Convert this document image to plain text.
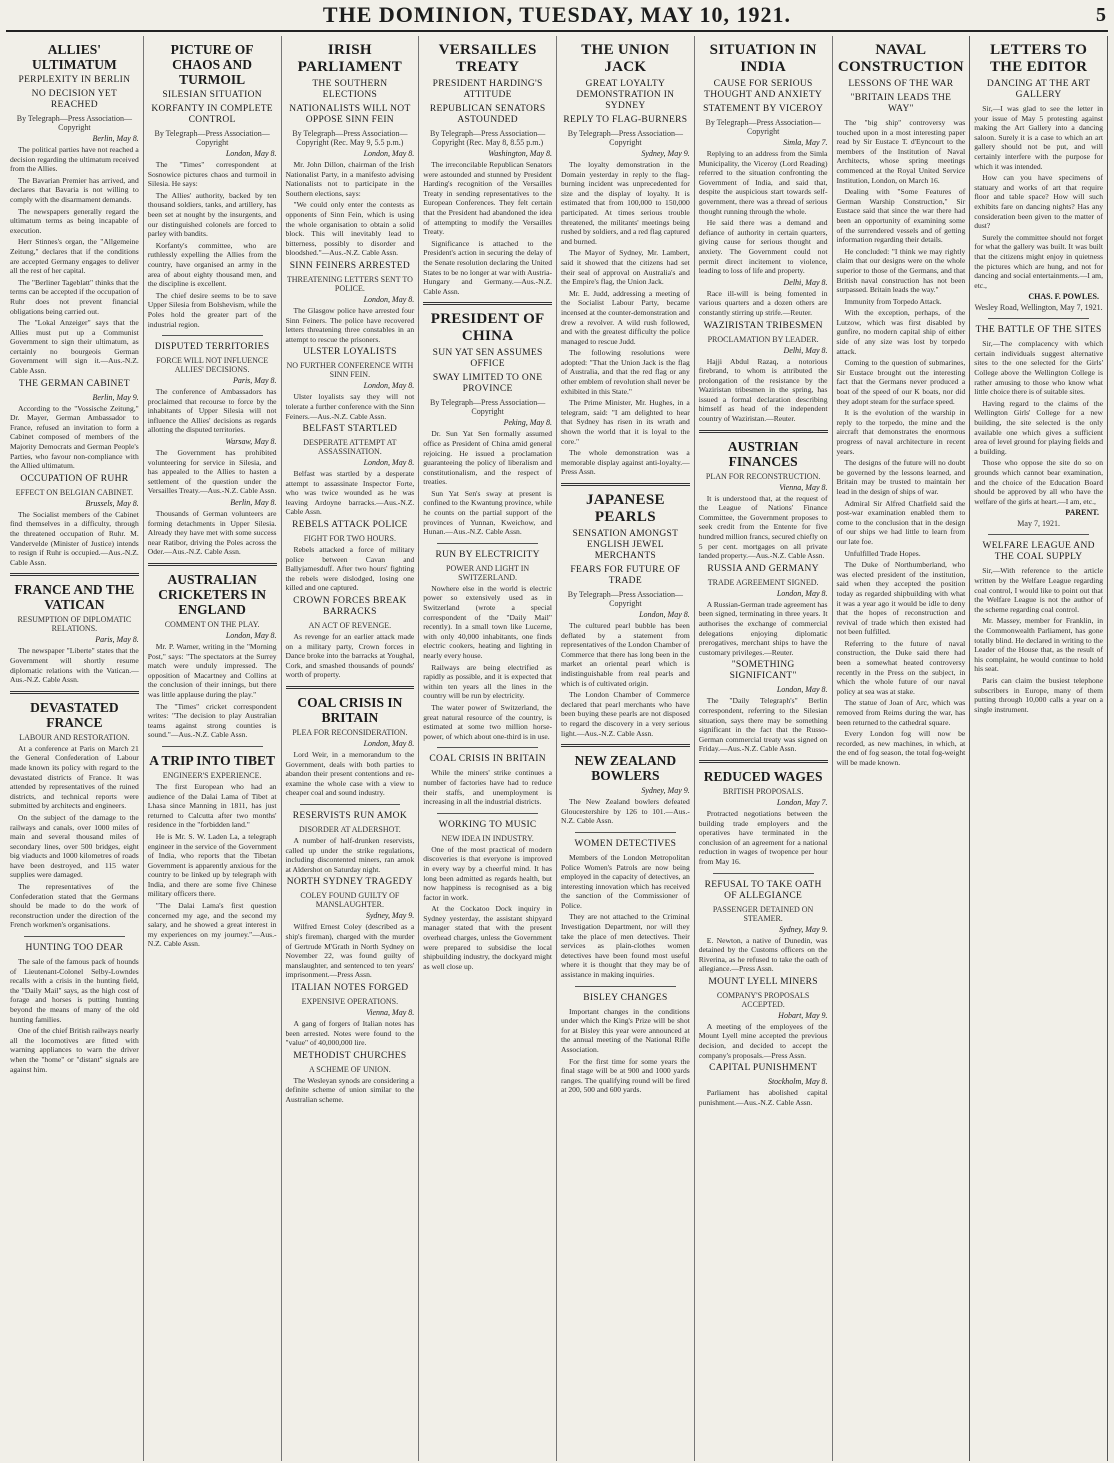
THE DOMINION, TUESDAY, MAY 10, 1921.	5
ALLIES' ULTIMATUM
PERPLEXITY IN BERLIN
NO DECISION YET REACHED
By Telegraph—Press Association—Copyright
Berlin, May 8.

The political parties have not reached a decision regarding the ultimatum received from the Allies.

The Bavarian Premier has arrived, and declares that Bavaria is not willing to comply with the disarmament demands.

The newspapers generally regard the ultimatum terms as being incapable of execution.

Herr Stinnes's organ, the "Allgemeine Zeitung," declares that if the conditions are accepted Germany engages to deliver all the rest of her capital.

The "Berliner Tageblatt" thinks that the terms can be accepted if the occupation of Ruhr does not prevent financial obligations being carried out.

The "Lokal Anzeiger" says that the Allies must put up a Communist Government to sign their ultimatum, as certainly no bourgeois German Government will sign it.—Aus.-N.Z. Cable Assn.

THE GERMAN CABINET
Berlin, May 9.

According to the "Vossische Zeitung," Dr. Mayer, German Ambassador to France, refused an invitation to form a Cabinet composed of members of the Majority Democrats and German People's Parties, who favour non-compliance with the Allied ultimatum.

OCCUPATION OF RUHR
EFFECT ON BELGIAN CABINET.
Brussels, May 8.

The Socialist members of the Cabinet find themselves in a difficulty, through the threatened occupation of Ruhr. M. Vandervelde (Minister of Justice) intends to resign if Ruhr is occupied.—Aus.-N.Z. Cable Assn.

FRANCE AND THE VATICAN
RESUMPTION OF DIPLOMATIC RELATIONS.
Paris, May 8.

The newspaper "Liberte" states that the Government will shortly resume diplomatic relations with the Vatican.—Aus.-N.Z. Cable Assn.

DEVASTATED FRANCE
LABOUR AND RESTORATION.

At a conference at Paris on March 21 the General Confederation of Labour made known its policy with regard to the devastated districts of France. It was attended by representatives of the ruined districts, and technical reports were submitted by architects and engineers.

On the subject of the damage to the railways and canals, over 1000 miles of main and several thousand miles of secondary lines, over 500 bridges, eight big viaducts and 1000 kilometres of roads have been destroyed, and 115 water supplies were damaged.

The representatives of the Confederation stated that the Germans should be made to do the work of reconstruction under the direction of the French workmen's organisations.

HUNTING TOO DEAR

The sale of the famous pack of hounds of Lieutenant-Colonel Selby-Lowndes recalls with a crisis in the hunting field, the "Daily Mail" says, as the high cost of forage and horses is putting hunting beyond the means of many of the old hunting families.

One of the chief British railways nearly all the locomotives are fitted with warning appliances to warn the driver when the "home" or "distant" signals are against him.

PICTURE OF CHAOS AND TURMOIL
SILESIAN SITUATION
KORFANTY IN COMPLETE CONTROL
By Telegraph—Press Association—Copyright
London, May 8.

The "Times" correspondent at Sosnowice pictures chaos and turmoil in Silesia. He says:

The Allies' authority, backed by ten thousand soldiers, tanks, and artillery, has been set at nought by the insurgents, and our distinguished colonels are forced to parley with bandits.

Korfanty's committee, who are ruthlessly expelling the Allies from the country, have organised an army in the area of about eighty thousand men, and the discipline is excellent.

The chief desire seems to be to save Upper Silesia from Bolshevism, while the Poles hold the greater part of the industrial region.

DISPUTED TERRITORIES
FORCE WILL NOT INFLUENCE ALLIES' DECISIONS.
Paris, May 8.

The conference of Ambassadors has proclaimed that recourse to force by the inhabitants of Upper Silesia will not influence the Allies' decisions as regards allotting the disputed territories.

Warsaw, May 8.

The Government has prohibited volunteering for service in Silesia, and has appealed to the Allies to hasten a settlement of the question under the Versailles Treaty.—Aus.-N.Z. Cable Assn.

Berlin, May 8.

Thousands of German volunteers are forming detachments in Upper Silesia. Already they have met with some success near Ratibor, driving the Poles across the Oder.—Aus.-N.Z. Cable Assn.

AUSTRALIAN CRICKETERS IN ENGLAND
COMMENT ON THE PLAY.
London, May 8.

Mr. P. Warner, writing in the "Morning Post," says: "The spectators at the Surrey match were unduly impressed. The opposition of Macartney and Collins at the conclusion of their innings, but there was little applause during the play."

The "Times" cricket correspondent writes: "The decision to play Australian teams against strong counties is sound."—Aus.-N.Z. Cable Assn.

A TRIP INTO TIBET
ENGINEER'S EXPERIENCE.

The first European who had an audience of the Dalai Lama of Tibet at Lhasa since Manning in 1811, has just returned to Calcutta after two months' residence in the "forbidden land."

He is Mr. S. W. Laden La, a telegraph engineer in the service of the Government of India, who reports that the Tibetan Government is apparently anxious for the country to be linked up by telegraph with India, and there are some five Chinese military officers there.

"The Dalai Lama's first question concerned my age, and the second my salary, and he showed a great interest in my experiences on my journey."—Aus.-N.Z. Cable Assn.

IRISH PARLIAMENT
THE SOUTHERN ELECTIONS
NATIONALISTS WILL NOT OPPOSE SINN FEIN
By Telegraph—Press Association—Copyright (Rec. May 9, 5.5 p.m.)
London, May 8.

Mr. John Dillon, chairman of the Irish Nationalist Party, in a manifesto advising Nationalists not to participate in the Southern elections, says:

"We could only enter the contests as opponents of Sinn Fein, which is using the whole organisation to obtain a solid block. This will inevitably lead to bitterness, possibly to disorder and bloodshed."—Aus.-N.Z. Cable Assn.

SINN FEINERS ARRESTED
THREATENING LETTERS SENT TO POLICE.
London, May 8.

The Glasgow police have arrested four Sinn Feiners. The police have recovered letters threatening three constables in an attempt to rescue the prisoners.

ULSTER LOYALISTS
NO FURTHER CONFERENCE WITH SINN FEIN.
London, May 8.

Ulster loyalists say they will not tolerate a further conference with the Sinn Feiners.—Aus.-N.Z. Cable Assn.

BELFAST STARTLED
DESPERATE ATTEMPT AT ASSASSINATION.
London, May 8.

Belfast was startled by a desperate attempt to assassinate Inspector Forte, who was twice wounded as he was leaving Ardoyne barracks.—Aus.-N.Z. Cable Assn.

REBELS ATTACK POLICE
FIGHT FOR TWO HOURS.

Rebels attacked a force of military police between Cavan and Ballyjamesduff. After two hours' fighting the rebels were dislodged, losing one killed and one captured.

CROWN FORCES BREAK BARRACKS
AN ACT OF REVENGE.

As revenge for an earlier attack made on a military party, Crown forces in Dance broke into the barracks at Youghal, Cork, and smashed thousands of pounds' worth of property.

COAL CRISIS IN BRITAIN
PLEA FOR RECONSIDERATION.
London, May 8.

Lord Weir, in a memorandum to the Government, deals with both parties to abandon their present contentions and re-examine the whole case with a view to cheaper coal and sound industry.

RESERVISTS RUN AMOK
DISORDER AT ALDERSHOT.

A number of half-drunken reservists, called up under the strike regulations, including discontented miners, ran amok at Aldershot on Saturday night.

NORTH SYDNEY TRAGEDY
COLEY FOUND GUILTY OF MANSLAUGHTER.
Sydney, May 9.

Wilfred Ernest Coley (described as a ship's fireman), charged with the murder of Gertrude M'Grath in North Sydney on November 22, was found guilty of manslaughter, and sentenced to ten years' imprisonment.—Press Assn.

ITALIAN NOTES FORGED
EXPENSIVE OPERATIONS.
Vienna, May 8.

A gang of forgers of Italian notes has been arrested. Notes were found to the "value" of 40,000,000 lire.

METHODIST CHURCHES
A SCHEME OF UNION.

The Wesleyan synods are considering a definite scheme of union similar to the Australian scheme.

VERSAILLES TREATY
PRESIDENT HARDING'S ATTITUDE
REPUBLICAN SENATORS ASTOUNDED
By Telegraph—Press Association—Copyright (Rec. May 8, 8.55 p.m.)
Washington, May 8.

The irreconcilable Republican Senators were astounded and stunned by President Harding's recognition of the Versailles Treaty in sending representatives to the European Conferences. They felt certain that the President had abandoned the idea of attempting to modify the Versailles Treaty.

Significance is attached to the President's action in securing the delay of the Senate resolution declaring the United States to be no longer at war with Austria-Hungary and Germany.—Aus.-N.Z. Cable Assn.

PRESIDENT OF CHINA
SUN YAT SEN ASSUMES OFFICE
SWAY LIMITED TO ONE PROVINCE
By Telegraph—Press Association—Copyright
Peking, May 8.

Dr. Sun Yat Sen formally assumed office as President of China amid general rejoicing. He issued a proclamation guaranteeing the policy of liberalism and constitutionalism, and the respect of treaties.

Sun Yat Sen's sway at present is confined to the Kwantung province, while he counts on the partial support of the provinces of Yunnan, Kweichow, and Hunan.—Aus.-N.Z. Cable Assn.

RUN BY ELECTRICITY
POWER AND LIGHT IN SWITZERLAND.

Nowhere else in the world is electric power so extensively used as in Switzerland (wrote a special correspondent of the "Daily Mail" recently). In a small town like Lucerne, with only 40,000 inhabitants, one finds electric cookers, heating and lighting in nearly every house.

Railways are being electrified as rapidly as possible, and it is expected that within ten years all the lines in the country will be run by electricity.

The water power of Switzerland, the great natural resource of the country, is estimated at some two million horse-power, of which about one-third is in use.

COAL CRISIS IN BRITAIN

While the miners' strike continues a number of factories have had to reduce their staffs, and unemployment is increasing in all the industrial districts.

WORKING TO MUSIC
NEW IDEA IN INDUSTRY.

One of the most practical of modern discoveries is that everyone is improved in every way by a cheerful mind. It has long been admitted as regards health, but now happiness is recognised as a big factor in work.

At the Cockatoo Dock inquiry in Sydney yesterday, the assistant shipyard manager stated that with the present overhead charges, unless the Government were prepared to subsidise the local shipbuilding industry, the dockyard might as well close up.

THE UNION JACK
GREAT LOYALTY DEMONSTRATION IN SYDNEY
REPLY TO FLAG-BURNERS
By Telegraph—Press Association—Copyright
Sydney, May 9.

The loyalty demonstration in the Domain yesterday in reply to the flag-burning incident was unprecedented for size and the display of loyalty. It is estimated that from 100,000 to 150,000 participated. At times serious trouble threatened, the militants' meetings being rushed by soldiers, and a red flag captured and burned.

The Mayor of Sydney, Mr. Lambert, said it showed that the citizens had set their seal of approval on Australia's and the Empire's flag, the Union Jack.

Mr. E. Judd, addressing a meeting of the Socialist Labour Party, became incensed at the counter-demonstration and drew a revolver. A wild rush followed, and with the greatest difficulty the police managed to rescue Judd.

The following resolutions were adopted: "That the Union Jack is the flag of Australia, and that the red flag or any other emblem of revolution shall never be exhibited in this State."

The Prime Minister, Mr. Hughes, in a telegram, said: "I am delighted to hear that Sydney has risen in its wrath and shown the world that it is loyal to the core."

The whole demonstration was a memorable display against anti-loyalty.—Press Assn.

JAPANESE PEARLS
SENSATION AMONGST ENGLISH JEWEL MERCHANTS
FEARS FOR FUTURE OF TRADE
By Telegraph—Press Association—Copyright
London, May 8.

The cultured pearl bubble has been deflated by a statement from representatives of the London Chamber of Commerce that there has long been in the market an oriental pearl which is indistinguishable from real pearls and which is of cultivated origin.

The London Chamber of Commerce declared that pearl merchants who have been buying these pearls are not disposed to regard the discovery in a very serious light.—Aus.-N.Z. Cable Assn.

NEW ZEALAND BOWLERS
Sydney, May 9.

The New Zealand bowlers defeated Gloucestershire by 126 to 101.—Aus.-N.Z. Cable Assn.

WOMEN DETECTIVES

Members of the London Metropolitan Police Women's Patrols are now being employed in the capacity of detectives, an interesting innovation which has received the sanction of the Commissioner of Police.

They are not attached to the Criminal Investigation Department, nor will they take the place of men detectives. Their services as plain-clothes women detectives have been found most useful where it is thought that they may be of assistance in making inquiries.

BISLEY CHANGES

Important changes in the conditions under which the King's Prize will be shot for at Bisley this year were announced at the annual meeting of the National Rifle Association.

For the first time for some years the final stage will be at 900 and 1000 yards ranges. The qualifying round will be fired at 200, 500 and 600 yards.

SITUATION IN INDIA
CAUSE FOR SERIOUS THOUGHT AND ANXIETY
STATEMENT BY VICEROY
By Telegraph—Press Association—Copyright
Simla, May 7.

Replying to an address from the Simla Municipality, the Viceroy (Lord Reading) referred to the situation confronting the Government of India, and said that, despite the auspicious start towards self-government, there was a thread of serious thought running through the whole.

He said there was a demand and defiance of authority in certain quarters, giving cause for serious thought and anxiety. The Government could not permit direct incitement to violence, leading to loss of life and property.

Delhi, May 8.

Race ill-will is being fomented in various quarters and a dozen others are constantly stirring up strife.—Reuter.

WAZIRISTAN TRIBESMEN
PROCLAMATION BY LEADER.
Delhi, May 8.

Hajji Abdul Razaq, a notorious firebrand, to whom is attributed the prolongation of the resistance by the Waziristan tribesmen in the spring, has issued a formal declaration describing himself as head of the independent country of Waziristan.—Reuter.

AUSTRIAN FINANCES
PLAN FOR RECONSTRUCTION.
Vienna, May 8.

It is understood that, at the request of the League of Nations' Finance Committee, the Government proposes to seek credit from the Entente for five hundred million francs, secured chiefly on 5 per cent. mortgages on all private landed property.—Aus.-N.Z. Cable Assn.

RUSSIA AND GERMANY
TRADE AGREEMENT SIGNED.
London, May 8.

A Russian-German trade agreement has been signed, terminating in three years. It authorises the exchange of commercial delegations enjoying diplomatic prerogatives, merchant ships to have the customary privileges.—Reuter.

"SOMETHING SIGNIFICANT"
London, May 8.

The "Daily Telegraph's" Berlin correspondent, referring to the Silesian situation, says there may be something significant in the fact that the Russo-German commercial treaty was signed on Friday.—Aus.-N.Z. Cable Assn.

REDUCED WAGES
BRITISH PROPOSALS.
London, May 7.

Protracted negotiations between the building trade employers and the operatives have terminated in the conclusion of an agreement for a national reduction in wages of twopence per hour from May 16.

REFUSAL TO TAKE OATH OF ALLEGIANCE
PASSENGER DETAINED ON STEAMER.
Sydney, May 9.

E. Newton, a native of Dunedin, was detained by the Customs officers on the Riverina, as he refused to take the oath of allegiance.—Press Assn.

MOUNT LYELL MINERS
COMPANY'S PROPOSALS ACCEPTED.
Hobart, May 9.

A meeting of the employees of the Mount Lyell mine accepted the previous decision, and decided to accept the company's proposals.—Press Assn.

CAPITAL PUNISHMENT
Stockholm, May 8.

Parliament has abolished capital punishment.—Aus.-N.Z. Cable Assn.

NAVAL CONSTRUCTION
LESSONS OF THE WAR
"BRITAIN LEADS THE WAY"

The "big ship" controversy was touched upon in a most interesting paper read by Sir Eustace T. d'Eyncourt to the members of the Institution of Naval Architects, whose spring meetings commenced at the Royal United Service Institution, London, on March 16.

Dealing with "Some Features of German Warship Construction," Sir Eustace said that since the war there had been an opportunity of examining some of the surrendered vessels and of getting information regarding their details.

He concluded: "I think we may rightly claim that our designs were on the whole superior to those of the Germans, and that British naval construction has not been surpassed. Britain leads the way."

Immunity from Torpedo Attack.

With the exception, perhaps, of the Lutzow, which was first disabled by gunfire, no modern capital ship of either side of any size was lost by torpedo attack.

Coming to the question of submarines, Sir Eustace brought out the interesting fact that the Germans never produced a boat of the speed of our K boats, nor did they adopt steam for the surface speed.

It is the evolution of the warship in reply to the torpedo, the mine and the aircraft that demonstrates the enormous progress of naval architecture in recent years.

The designs of the future will no doubt be governed by the lessons learned, and Britain may be trusted to maintain her lead in the design of ships of war.

Admiral Sir Alfred Chatfield said the post-war examination enabled them to come to the conclusion that in the design of our ships we had little to learn from our late foe.

Unfulfilled Trade Hopes.

The Duke of Northumberland, who was elected president of the institution, said when they accepted the position today as regarded shipbuilding with what it was a year ago it would be idle to deny that the hopes of reconstruction and revival of trade which then existed had not been fulfilled.

Referring to the future of naval construction, the Duke said there had been a somewhat heated controversy recently in the Press on the subject, in which the whole future of our naval policy at sea was at stake.

The statue of Joan of Arc, which was removed from Reims during the war, has been returned to the cathedral square.

Every London fog will now be recorded, as new machines, in which, at the end of fog season, the total fog-weight will be made known.

LETTERS TO THE EDITOR
DANCING AT THE ART GALLERY

Sir,—I was glad to see the letter in your issue of May 5 protesting against making the Art Gallery into a dancing saloon. Surely it is a case to which an art gallery should not be put, and will certainly interfere with the purpose for which it was intended.

How can you have specimens of statuary and works of art that require floor and table space? How will such exhibits fare on dancing nights? Has any consideration been given to the matter of dust?

Surely the committee should not forget for what the gallery was built. It was built that the citizens might enjoy in quietness the pictures which are hung, and not for dancing and social entertainments.—I am, etc.,

CHAS. F. POWLES.
Wesley Road, Wellington, May 7, 1921.
THE BATTLE OF THE SITES

Sir,—The complacency with which certain individuals suggest alternative sites to the one selected for the Girls' College above the Wellington College is rather amusing to those who know what little choice there is of suitable sites.

Having regard to the claims of the Wellington Girls' College for a new building, the site selected is the only available one which gives a sufficient area of level ground for playing fields and a building.

Those who oppose the site do so on grounds which cannot bear examination, and the choice of the Education Board should be approved by all who have the welfare of the girls at heart.—I am, etc.,

PARENT.
May 7, 1921.
WELFARE LEAGUE AND THE COAL SUPPLY

Sir,—With reference to the article written by the Welfare League regarding coal control, I would like to point out that the Welfare League is not the author of the scheme regarding coal control.

Mr. Massey, member for Franklin, in the Commonwealth Parliament, has gone totally blind. He declared in writing to the Leader of the House that, as the result of his complaint, he would continue to hold his seat.

Paris can claim the busiest telephone subscribers in Europe, many of them putting through 10,000 calls a year on a single instrument.
